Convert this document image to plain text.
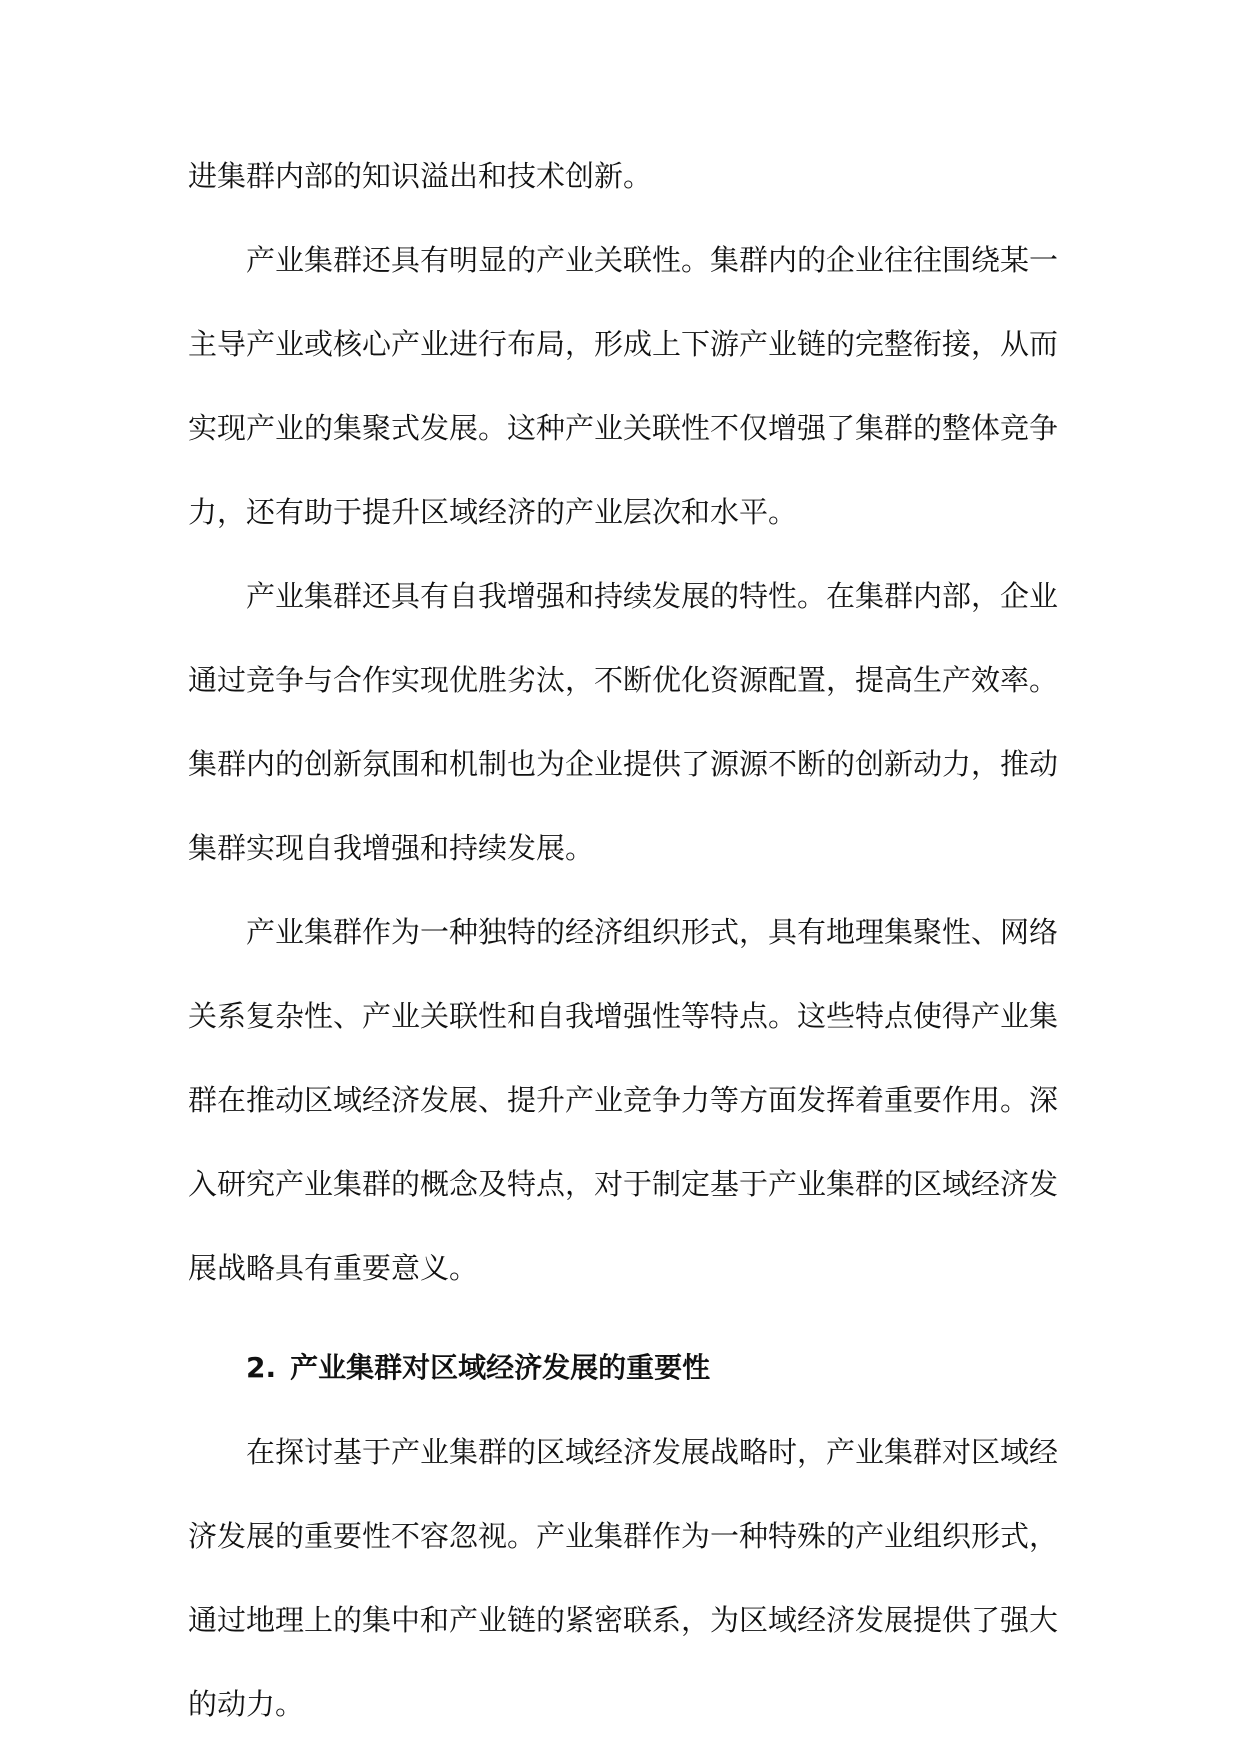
进集群内部的知识溢出和技术创新。
产业集群还具有明显的产业关联性。集群内的企业往往围绕某一
主导产业或核心产业进行布局，形成上下游产业链的完整衔接，从而
实现产业的集聚式发展。这种产业关联性不仅增强了集群的整体竞争
力，还有助于提升区域经济的产业层次和水平。
产业集群还具有自我增强和持续发展的特性。在集群内部，企业
通过竞争与合作实现优胜劣汰，不断优化资源配置，提高生产效率。
集群内的创新氛围和机制也为企业提供了源源不断的创新动力，推动
集群实现自我增强和持续发展。
产业集群作为一种独特的经济组织形式，具有地理集聚性、网络
关系复杂性、产业关联性和自我增强性等特点。这些特点使得产业集
群在推动区域经济发展、提升产业竞争力等方面发挥着重要作用。深
入研究产业集群的概念及特点，对于制定基于产业集群的区域经济发
展战略具有重要意义。
2. 产业集群对区域经济发展的重要性
在探讨基于产业集群的区域经济发展战略时，产业集群对区域经
济发展的重要性不容忽视。产业集群作为一种特殊的产业组织形式，
通过地理上的集中和产业链的紧密联系，为区域经济发展提供了强大
的动力。
